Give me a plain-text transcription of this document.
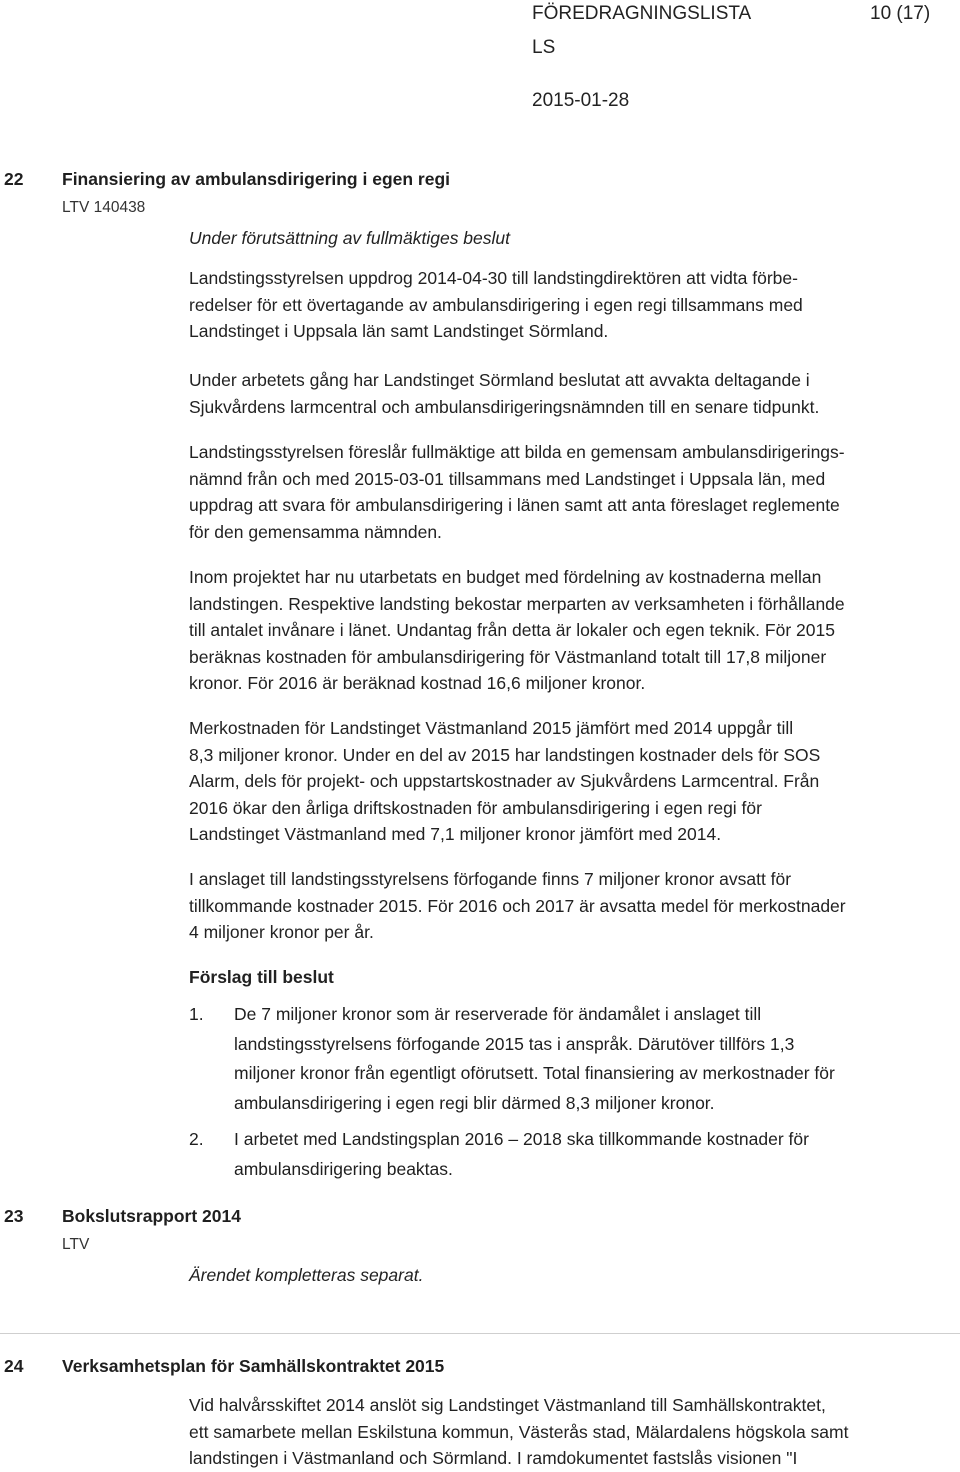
FÖREDRAGNINGSLISTA	10 (17)
LS
2015-01-28
22 Finansiering av ambulansdirigering i egen regi
LTV 140438
Under förutsättning av fullmäktiges beslut
Landstingsstyrelsen uppdrog 2014-04-30 till landstingdirektören att vidta förbe-
redelser för ett övertagande av ambulansdirigering i egen regi tillsammans med
Landstinget i Uppsala län samt Landstinget Sörmland.
Under arbetets gång har Landstinget Sörmland beslutat att avvakta deltagande i
Sjukvårdens larmcentral och ambulansdirigeringsnämnden till en senare tidpunkt.
Landstingsstyrelsen föreslår fullmäktige att bilda en gemensam ambulansdirigerings-
nämnd från och med 2015-03-01 tillsammans med Landstinget i Uppsala län, med
uppdrag att svara för ambulansdirigering i länen samt att anta föreslaget reglemente
för den gemensamma nämnden.
Inom projektet har nu utarbetats en budget med fördelning av kostnaderna mellan
landstingen. Respektive landsting bekostar merparten av verksamheten i förhållande
till antalet invånare i länet. Undantag från detta är lokaler och egen teknik. För 2015
beräknas kostnaden för ambulansdirigering för Västmanland totalt till 17,8 miljoner
kronor. För 2016 är beräknad kostnad 16,6 miljoner kronor.
Merkostnaden för Landstinget Västmanland 2015 jämfört med 2014 uppgår till
8,3 miljoner kronor. Under en del av 2015 har landstingen kostnader dels för SOS
Alarm, dels för projekt- och uppstartskostnader av Sjukvårdens Larmcentral. Från
2016 ökar den årliga driftskostnaden för ambulansdirigering i egen regi för
Landstinget Västmanland med 7,1 miljoner kronor jämfört med 2014.
I anslaget till landstingsstyrelsens förfogande finns 7 miljoner kronor avsatt för
tillkommande kostnader 2015. För 2016 och 2017 är avsatta medel för merkostnader
4 miljoner kronor per år.
Förslag till beslut
1. De 7 miljoner kronor som är reserverade för ändamålet i anslaget till
landstingsstyrelsens förfogande 2015 tas i anspråk. Därutöver tillförs 1,3
miljoner kronor från egentligt oförutsett. Total finansiering av merkostnader för
ambulansdirigering i egen regi blir därmed 8,3 miljoner kronor.
2. I arbetet med Landstingsplan 2016 – 2018 ska tillkommande kostnader för
ambulansdirigering beaktas.
23 Bokslutsrapport 2014
LTV
Ärendet kompletteras separat.
24 Verksamhetsplan för Samhällskontraktet 2015
Vid halvårsskiftet 2014 anslöt sig Landstinget Västmanland till Samhällskontraktet,
ett samarbete mellan Eskilstuna kommun, Västerås stad, Mälardalens högskola samt
landstingen i Västmanland och Sörmland. I ramdokumentet fastslås visionen "I
